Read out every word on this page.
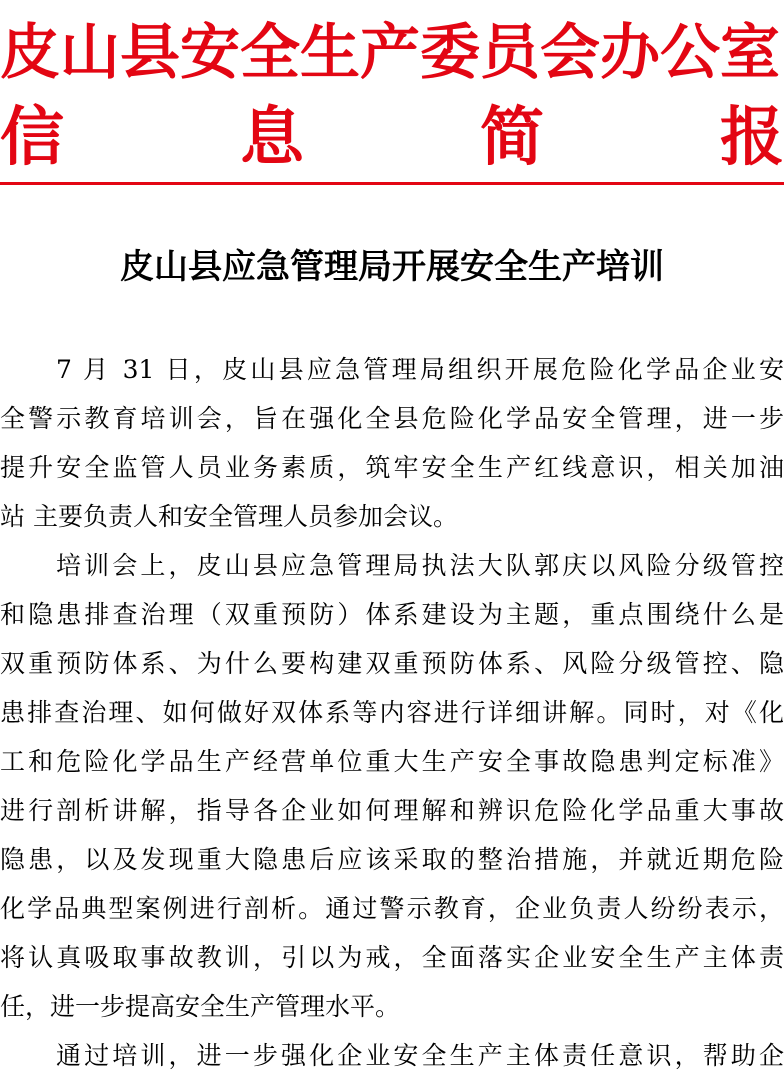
皮山县安全生产委员会办公室
信	息	简	报
皮山县应急管理局开展安全生产培训
7 月 31 日，皮山县应急管理局组织开展危险化学品企业安
全警示教育培训会，旨在强化全县危险化学品安全管理，进一步
提升安全监管人员业务素质，筑牢安全生产红线意识，相关加油
站 主要负责人和安全管理人员参加会议。
培训会上，皮山县应急管理局执法大队郭庆以风险分级管控
和隐患排查治理（双重预防）体系建设为主题，重点围绕什么是
双重预防体系、为什么要构建双重预防体系、风险分级管控、隐
患排查治理、如何做好双体系等内容进行详细讲解。同时，对《化
工和危险化学品生产经营单位重大生产安全事故隐患判定标准》
进行剖析讲解，指导各企业如何理解和辨识危险化学品重大事故
隐患，以及发现重大隐患后应该采取的整治措施，并就近期危险
化学品典型案例进行剖析。通过警示教育，企业负责人纷纷表示，
将认真吸取事故教训，引以为戒，全面落实企业安全生产主体责
任，进一步提高安全生产管理水平。
通过培训，进一步强化企业安全生产主体责任意识，帮助企
